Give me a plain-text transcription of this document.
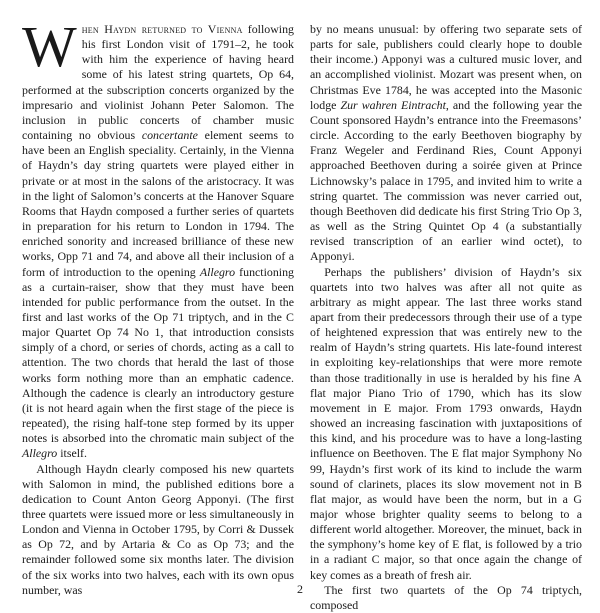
When Haydn returned to Vienna following his first London visit of 1791–2, he took with him the experience of having heard some of his latest string quartets, Op 64, performed at the subscription concerts organized by the impresario and violinist Johann Peter Salomon. The inclusion in public concerts of chamber music containing no obvious concertante element seems to have been an English speciality. Certainly, in the Vienna of Haydn’s day string quartets were played either in private or at most in the salons of the aristocracy. It was in the light of Salomon’s concerts at the Hanover Square Rooms that Haydn composed a further series of quartets in preparation for his return to London in 1794. The enriched sonority and increased brilliance of these new works, Opp 71 and 74, and above all their inclusion of a form of introduction to the opening Allegro functioning as a curtain-raiser, show that they must have been intended for public performance from the outset. In the first and last works of the Op 71 triptych, and in the C major Quartet Op 74 No 1, that introduction consists simply of a chord, or series of chords, acting as a call to attention. The two chords that herald the last of those works form nothing more than an emphatic cadence. Although the cadence is clearly an introductory gesture (it is not heard again when the first stage of the piece is repeated), the rising half-tone step formed by its upper notes is absorbed into the chromatic main subject of the Allegro itself.

Although Haydn clearly composed his new quartets with Salomon in mind, the published editions bore a dedication to Count Anton Georg Apponyi. (The first three quartets were issued more or less simultaneously in London and Vienna in October 1795, by Corri & Dussek as Op 72, and by Artaria & Co as Op 73; and the remainder followed some six months later. The division of the six works into two halves, each with its own opus number, was

by no means unusual: by offering two separate sets of parts for sale, publishers could clearly hope to double their income.) Apponyi was a cultured music lover, and an accomplished violinist. Mozart was present when, on Christmas Eve 1784, he was accepted into the Masonic lodge Zur wahren Eintracht, and the following year the Count sponsored Haydn’s entrance into the Freemasons’ circle. According to the early Beethoven biography by Franz Wegeler and Ferdinand Ries, Count Apponyi approached Beethoven during a soirée given at Prince Lichnowsky’s palace in 1795, and invited him to write a string quartet. The commission was never carried out, though Beethoven did dedicate his first String Trio Op 3, as well as the String Quintet Op 4 (a substantially revised transcription of an earlier wind octet), to Apponyi.

Perhaps the publishers’ division of Haydn’s six quartets into two halves was after all not quite as arbitrary as might appear. The last three works stand apart from their predecessors through their use of a type of heightened expression that was entirely new to the realm of Haydn’s string quartets. His late-found interest in exploiting key-relationships that were more remote than those traditionally in use is heralded by his fine A flat major Piano Trio of 1790, which has its slow movement in E major. From 1793 onwards, Haydn showed an increasing fascination with juxtapositions of this kind, and his procedure was to have a long-lasting influence on Beethoven. The E flat major Symphony No 99, Haydn’s first work of its kind to include the warm sound of clarinets, places its slow movement not in B flat major, as would have been the norm, but in a G major whose brighter quality seems to belong to a different world altogether. Moreover, the minuet, back in the symphony’s home key of E flat, is followed by a trio in a radiant C major, so that once again the change of key comes as a breath of fresh air.

The first two quartets of the Op 74 triptych, composed

2
